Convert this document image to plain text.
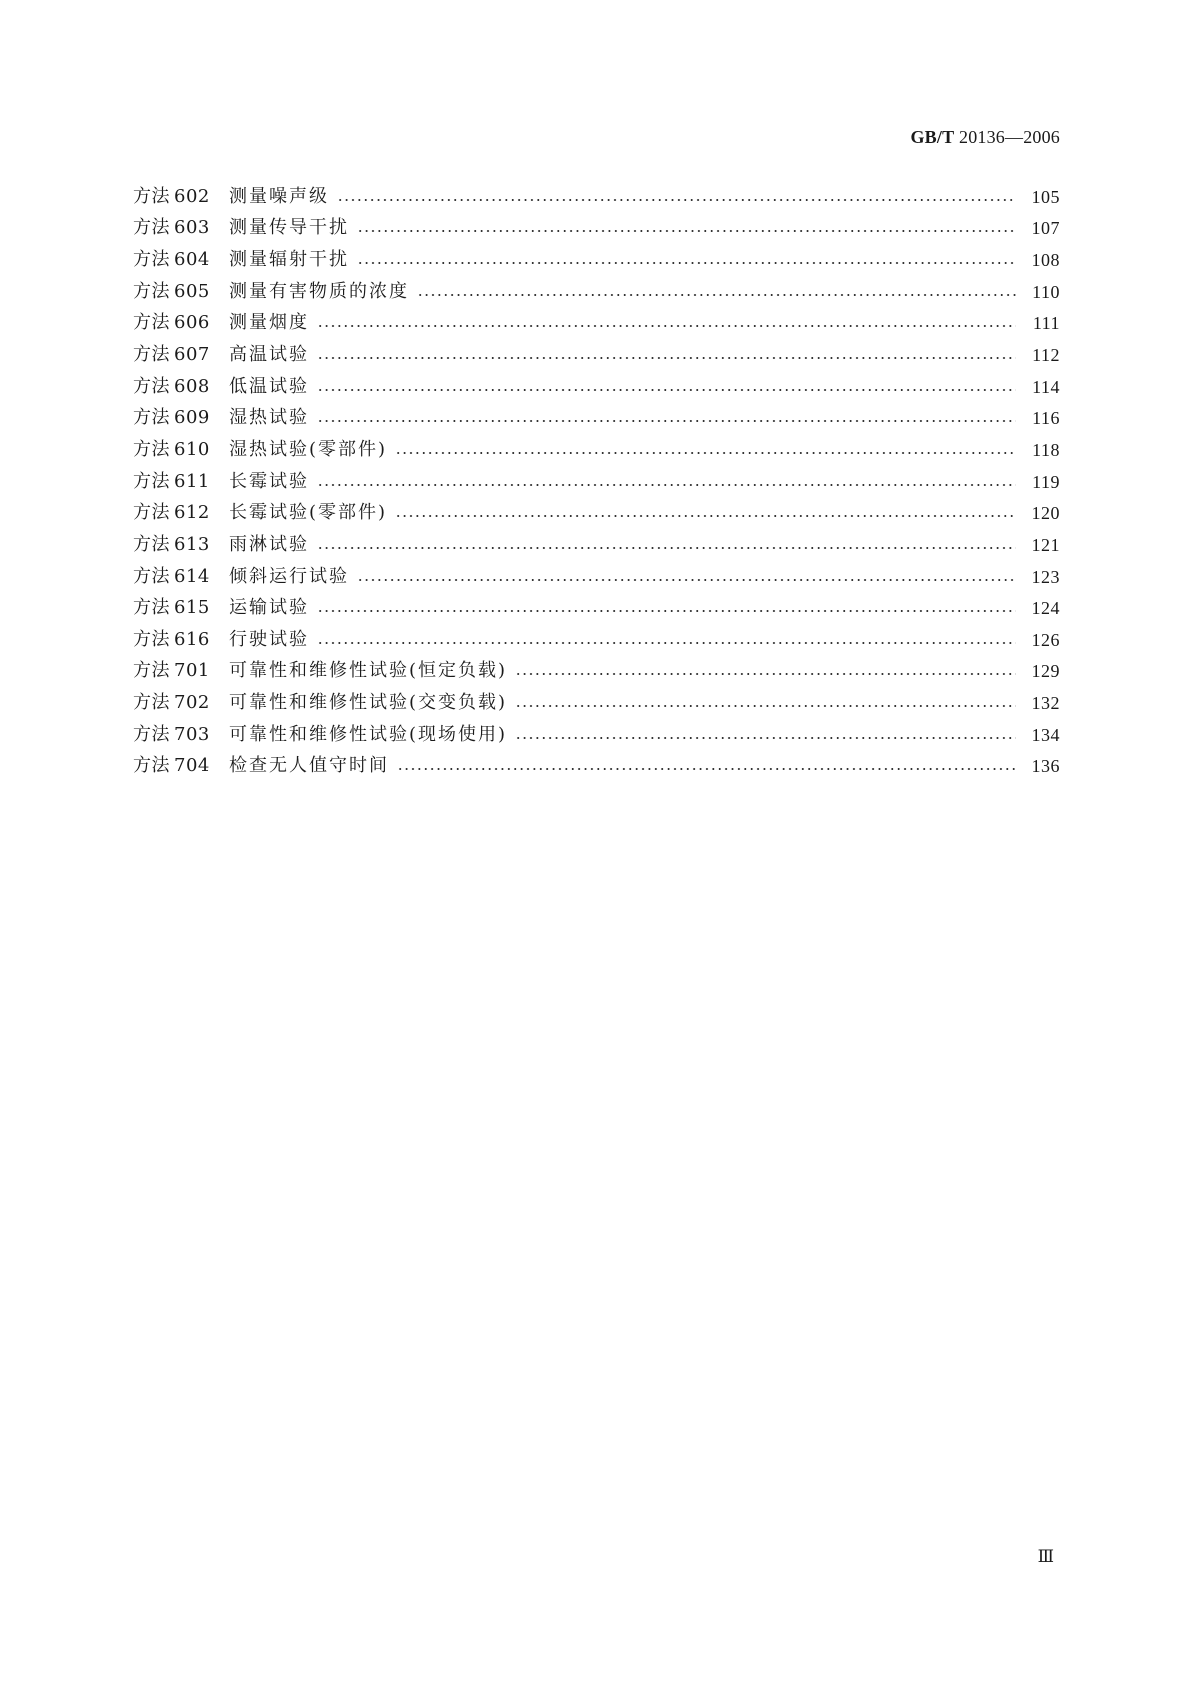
GB/T 20136—2006
方法 602	测量噪声级	105
方法 603	测量传导干扰	107
方法 604	测量辐射干扰	108
方法 605	测量有害物质的浓度	110
方法 606	测量烟度	111
方法 607	高温试验	112
方法 608	低温试验	114
方法 609	湿热试验	116
方法 610	湿热试验(零部件)	118
方法 611	长霉试验	119
方法 612	长霉试验(零部件)	120
方法 613	雨淋试验	121
方法 614	倾斜运行试验	123
方法 615	运输试验	124
方法 616	行驶试验	126
方法 701	可靠性和维修性试验(恒定负载)	129
方法 702	可靠性和维修性试验(交变负载)	132
方法 703	可靠性和维修性试验(现场使用)	134
方法 704	检查无人值守时间	136
Ⅲ
